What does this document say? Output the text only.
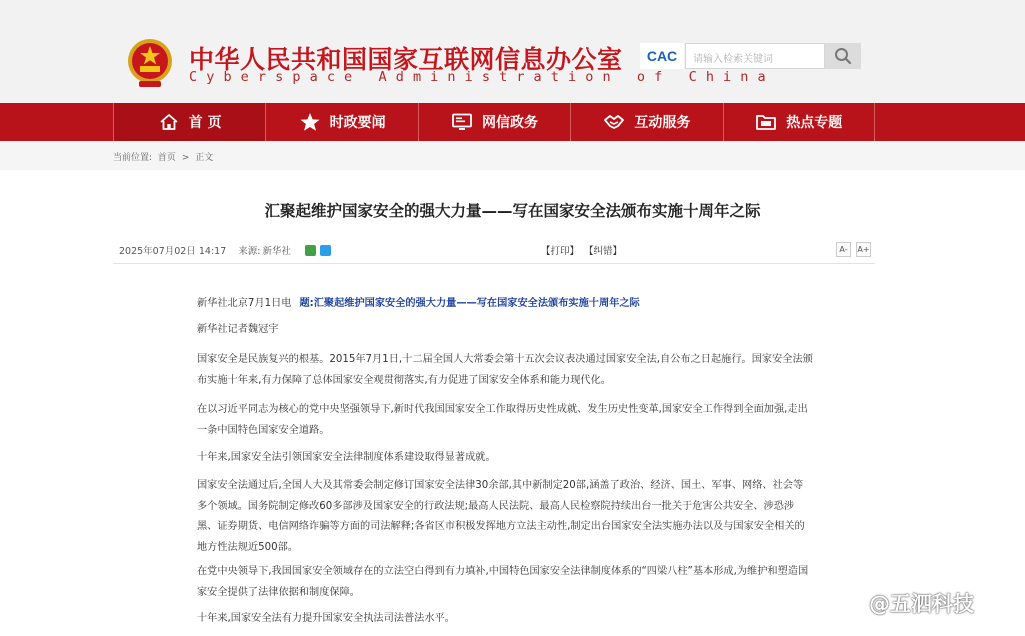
中华人民共和国国家互联网信息办公室
Cyberspace Administration of China
CAC	请输入检索关键词
首 页	时政要闻	网信政务	互动服务	热点专题
当前位置: 首页 > 正文
汇聚起维护国家安全的强大力量——写在国家安全法颁布实施十周年之际
2025年07月02日 14:17 来源: 新华社	【打印】 【纠错】	A-	A+
新华社北京7月1日电 题:汇聚起维护国家安全的强大力量——写在国家安全法颁布实施十周年之际
新华社记者魏冠宇
国家安全是民族复兴的根基。2015年7月1日,十二届全国人大常委会第十五次会议表决通过国家安全法,自公布之日起施行。国家安全法颁布实施十年来,有力保障了总体国家安全观贯彻落实,有力促进了国家安全体系和能力现代化。
在以习近平同志为核心的党中央坚强领导下,新时代我国国家安全工作取得历史性成就、发生历史性变革,国家安全工作得到全面加强,走出一条中国特色国家安全道路。
十年来,国家安全法引领国家安全法律制度体系建设取得显著成就。
国家安全法通过后,全国人大及其常委会制定修订国家安全法律30余部,其中新制定20部,涵盖了政治、经济、国土、军事、网络、社会等多个领域。国务院制定修改60多部涉及国家安全的行政法规;最高人民法院、最高人民检察院持续出台一批关于危害公共安全、涉恐涉黑、证券期货、电信网络诈骗等方面的司法解释;各省区市积极发挥地方立法主动性,制定出台国家安全法实施办法以及与国家安全相关的地方性法规近500部。
在党中央领导下,我国国家安全领域存在的立法空白得到有力填补,中国特色国家安全法律制度体系的“四梁八柱”基本形成,为维护和塑造国家安全提供了法律依据和制度保障。
十年来,国家安全法有力提升国家安全执法司法普法水平。
@五泗科技
